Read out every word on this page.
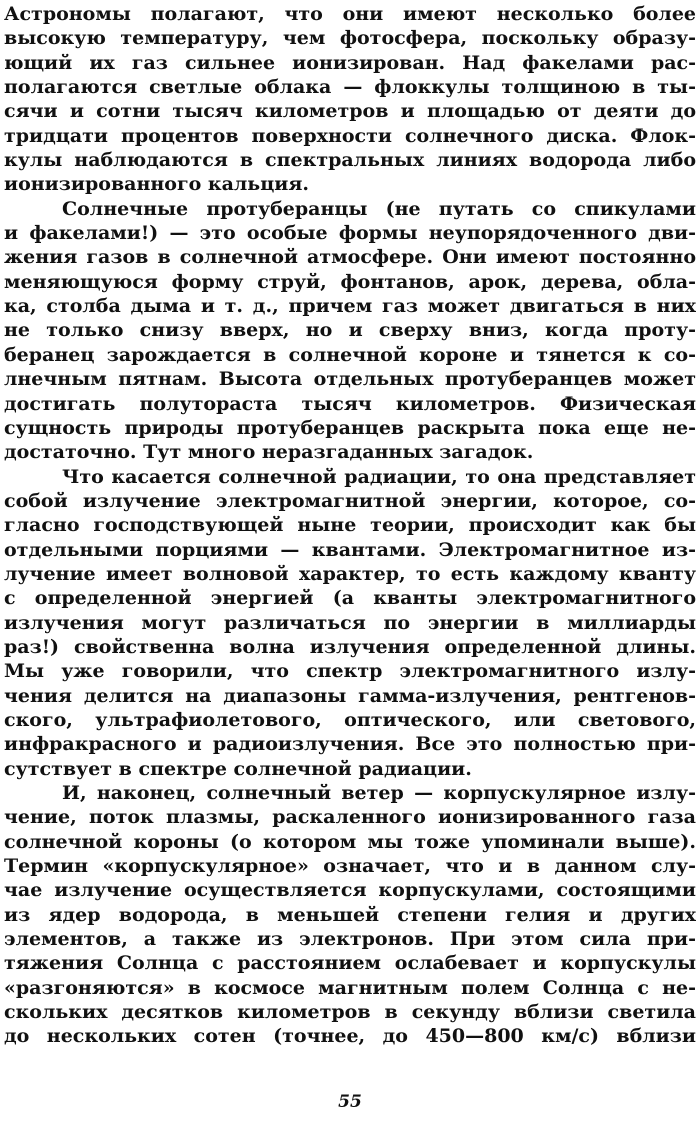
Астрономы полагают, что они имеют несколько более
высокую температуру, чем фотосфера, поскольку образу-
ющий их газ сильнее ионизирован. Над факелами рас-
полагаются светлые облака — флоккулы толщиною в ты-
сячи и сотни тысяч километров и площадью от деяти до
тридцати процентов поверхности солнечного диска. Флок-
кулы наблюдаются в спектральных линиях водорода либо
ионизированного кальция.
Солнечные протуберанцы (не путать со спикулами
и факелами!) — это особые формы неупорядоченного дви-
жения газов в солнечной атмосфере. Они имеют постоянно
меняющуюся форму струй, фонтанов, арок, дерева, обла-
ка, столба дыма и т. д., причем газ может двигаться в них
не только снизу вверх, но и сверху вниз, когда проту-
беранец зарождается в солнечной короне и тянется к со-
лнечным пятнам. Высота отдельных протуберанцев может
достигать полутораста тысяч километров. Физическая
сущность природы протуберанцев раскрыта пока еще не-
достаточно. Тут много неразгаданных загадок.
Что касается солнечной радиации, то она представляет
собой излучение электромагнитной энергии, которое, со-
гласно господствующей ныне теории, происходит как бы
отдельными порциями — квантами. Электромагнитное из-
лучение имеет волновой характер, то есть каждому кванту
с определенной энергией (а кванты электромагнитного
излучения могут различаться по энергии в миллиарды
раз!) свойственна волна излучения определенной длины.
Мы уже говорили, что спектр электромагнитного излу-
чения делится на диапазоны гамма-излучения, рентгенов-
ского, ультрафиолетового, оптического, или светового,
инфракрасного и радиоизлучения. Все это полностью при-
сутствует в спектре солнечной радиации.
И, наконец, солнечный ветер — корпускулярное излу-
чение, поток плазмы, раскаленного ионизированного газа
солнечной короны (о котором мы тоже упоминали выше).
Термин «корпускулярное» означает, что и в данном слу-
чае излучение осуществляется корпускулами, состоящими
из ядер водорода, в меньшей степени гелия и других
элементов, а также из электронов. При этом сила при-
тяжения Солнца с расстоянием ослабевает и корпускулы
«разгоняются» в космосе магнитным полем Солнца с не-
скольких десятков километров в секунду вблизи светила
до нескольких сотен (точнее, до 450—800 км/с) вблизи
55
